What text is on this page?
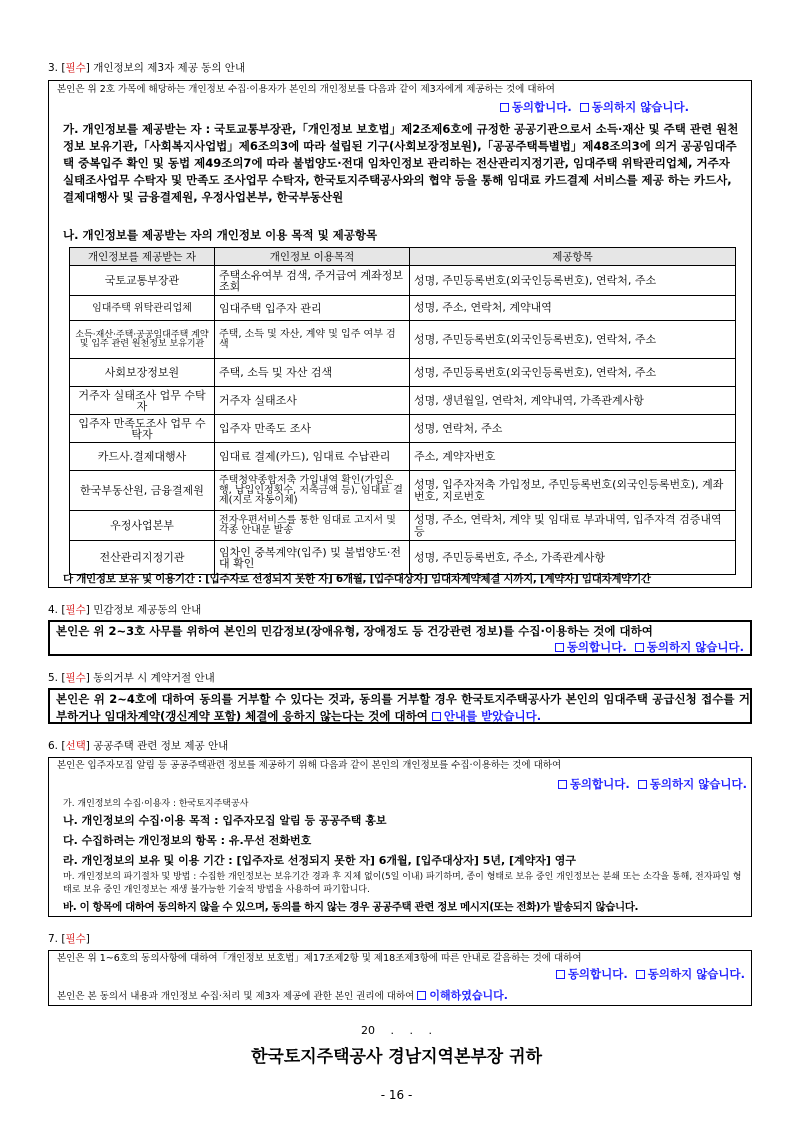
3. [필수] 개인정보의 제3자 제공 동의 안내
본인은 위 2호 가목에 해당하는 개인정보 수집·이용자가 본인의 개인정보를 다음과 같이 제3자에게 제공하는 것에 대하여
동의합니다. 동의하지 않습니다.
가. 개인정보를 제공받는 자 : 국토교통부장관,「개인정보 보호법」제2조제6호에 규정한 공공기관으로서 소득·재산 및 주택 관련 원천정보 보유기관,「사회복지사업법」제6조의3에 따라 설립된 기구(사회보장정보원),「공공주택특별법」제48조의3에 의거 공공임대주택 중복입주 확인 및 동법 제49조의7에 따라 불법양도·전대 임차인정보 관리하는 전산관리지정기관, 임대주택 위탁관리업체, 거주자 실태조사업무 수탁자 및 만족도 조사업무 수탁자, 한국토지주택공사와의 협약 등을 통해 임대료 카드결제 서비스를 제공 하는 카드사, 결제대행사 및 금융결제원, 우정사업본부, 한국부동산원
나. 개인정보를 제공받는 자의 개인정보 이용 목적 및 제공항목
개인정보를 제공받는 자	개인정보 이용목적	제공항목
국토교통부장관	주택소유여부 검색, 주거급여 계좌정보조회	성명, 주민등록번호(외국인등록번호), 연락처, 주소
임대주택 위탁관리업체	임대주택 입주자 관리	성명, 주소, 연락처, 계약내역
소득·재산·주택·공공임대주택 계약 및 입주 관련 원천정보 보유기관	주택, 소득 및 자산, 계약 및 입주 여부 검색	성명, 주민등록번호(외국인등록번호), 연락처, 주소
사회보장정보원	주택, 소득 및 자산 검색	성명, 주민등록번호(외국인등록번호), 연락처, 주소
거주자 실태조사 업무 수탁자	거주자 실태조사	성명, 생년월일, 연락처, 계약내역, 가족관계사항
입주자 만족도조사 업무 수탁자	입주자 만족도 조사	성명, 연락처, 주소
카드사.결제대행사	임대료 결제(카드), 임대료 수납관리	주소, 계약자번호
한국부동산원, 금융결제원	주택청약종합저축 가입내역 확인(가입은행, 납입인정횟수, 저축금액 등), 임대료 결제(지로 자동이체)	성명, 입주자저축 가입정보, 주민등록번호(외국인등록번호), 계좌번호, 지로번호
우정사업본부	전자우편서비스를 통한 임대료 고지서 및 각종 안내문 발송	성명, 주소, 연락처, 계약 및 임대료 부과내역, 입주자격 검증내역 등
전산관리지정기관	임차인 중복계약(입주) 및 불법양도·전대 확인	성명, 주민등록번호, 주소, 가족관계사항
다 개인정보 보유 및 이용기간 : [입주자로 선정되지 못한 자] 6개월, [입주대상자] 임대차계약체결 시까지, [계약자] 임대차계약기간
4. [필수] 민감정보 제공동의 안내
본인은 위 2~3호 사무를 위하여 본인의 민감정보(장애유형, 장애정도 등 건강관련 정보)를 수집·이용하는 것에 대하여
동의합니다. 동의하지 않습니다.
5. [필수] 동의거부 시 계약거절 안내
본인은 위 2~4호에 대하여 동의를 거부할 수 있다는 것과, 동의를 거부할 경우 한국토지주택공사가 본인의 임대주택 공급신청 접수를 거부하거나 임대차계약(갱신계약 포함) 체결에 응하지 않는다는 것에 대하여 안내를 받았습니다.
6. [선택] 공공주택 관련 정보 제공 안내
본인은 입주자모집 알림 등 공공주택관련 정보를 제공하기 위해 다음과 같이 본인의 개인정보를 수집·이용하는 것에 대하여
동의합니다. 동의하지 않습니다.
가. 개인정보의 수집·이용자 : 한국토지주택공사
나. 개인정보의 수집·이용 목적 : 입주자모집 알림 등 공공주택 홍보
다. 수집하려는 개인정보의 항목 : 유.무선 전화번호
라. 개인정보의 보유 및 이용 기간 : [입주자로 선정되지 못한 자] 6개월, [입주대상자] 5년, [계약자] 영구
마. 개인정보의 파기절차 및 방법 : 수집한 개인정보는 보유기간 경과 후 지체 없이(5일 이내) 파기하며, 종이 형태로 보유 중인 개인정보는 분쇄 또는 소각을 통해, 전자파일 형태로 보유 중인 개인정보는 재생 불가능한 기술적 방법을 사용하여 파기합니다.
바. 이 항목에 대하여 동의하지 않을 수 있으며, 동의를 하지 않는 경우 공공주택 관련 정보 메시지(또는 전화)가 발송되지 않습니다.
7. [필수]
본인은 위 1~6호의 동의사항에 대하여「개인정보 보호법」제17조제2항 및 제18조제3항에 따른 안내로 갈음하는 것에 대하여
동의합니다. 동의하지 않습니다.
본인은 본 동의서 내용과 개인정보 수집·처리 및 제3자 제공에 관한 본인 권리에 대하여 이해하였습니다.
20 . . .
한국토지주택공사 경남지역본부장 귀하
- 16 -
